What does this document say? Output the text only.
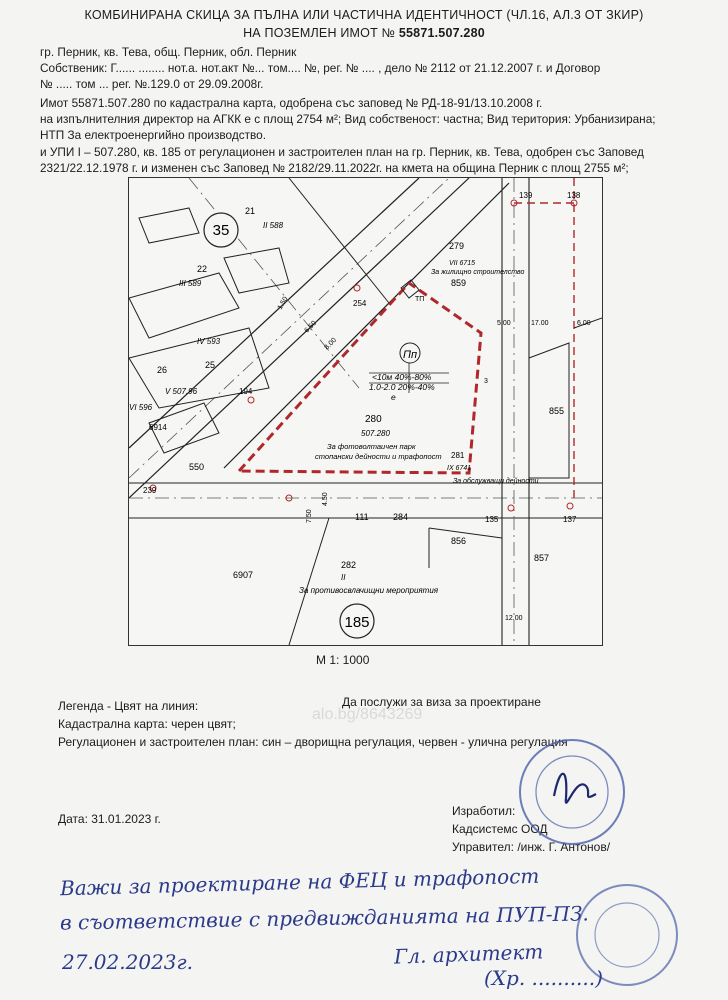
КОМБИНИРАНА СКИЦА ЗА ПЪЛНА ИЛИ ЧАСТИЧНА ИДЕНТИЧНОСТ (ЧЛ.16, АЛ.3 ОТ ЗКИР)
НА ПОЗЕМЛЕН ИМОТ № 55871.507.280
гр. Перник, кв. Тева, общ. Перник, обл. Перник
Собственик: Г...... ........ нот.а. нот.акт №... том.... №, рег. № .... , дело № 2112 от 21.12.2007 г. и Договор
№ ..... том ... рег. №.129.0 от 29.09.2008г.
Имот 55871.507.280 по кадастрална карта, одобрена със заповед № РД-18-91/13.10.2008 г.
на изпълнителния директор на АГКК е с площ 2754 м²; Вид собственост: частна; Вид територия: Урбанизирана;
НТП За електроенергийно производство.
и УПИ I – 507.280, кв. 185 от регулационен и застроителен план на гр. Перник, кв. Тева, одобрен със Заповед
2321/22.12.1978 г. и изменен със Заповед № 2182/29.11.2022г. на кмета на община Перник с площ 2755 м²;
35
185
Пп
<10м 40%-80%
1.0-2.0 20%-40%
е
280
507.280
За фотоволтаичен парк
стопански дейности и трафопост
21
II 588
22
III 589
IV 593
26
V 507.96
VI 596
6914
25
194
550
239
111	284
856
857
855
279
859
VII 6715
За жилищно строителство
281
IX 6741
За обслужващи дейности
254	ТП
139	138
135	137
6907
282
II
За противосвлачищни мероприятия
1.50
6.50
8.00
5.00	17.00	6.00
7.50
4.50
12.00
3
М 1: 1000
Легенда - Цвят на линия:	Да послужи за виза за проектиране
Кадастрална карта: черен цвят;
Регулационен и застроителен план: син – дворищна регулация, червен - улична регулация
alo.bg/8643269
Дата: 31.01.2023 г.
Изработил:
Кадсистемс ООД
Управител: /инж. Г. Антонов/
Важи за проектиране на ФЕЦ и трафопост
в съответствие с предвижданията на ПУП-ПЗ.
27.02.2023г.	Гл. архитект
(Хр. ..........)
